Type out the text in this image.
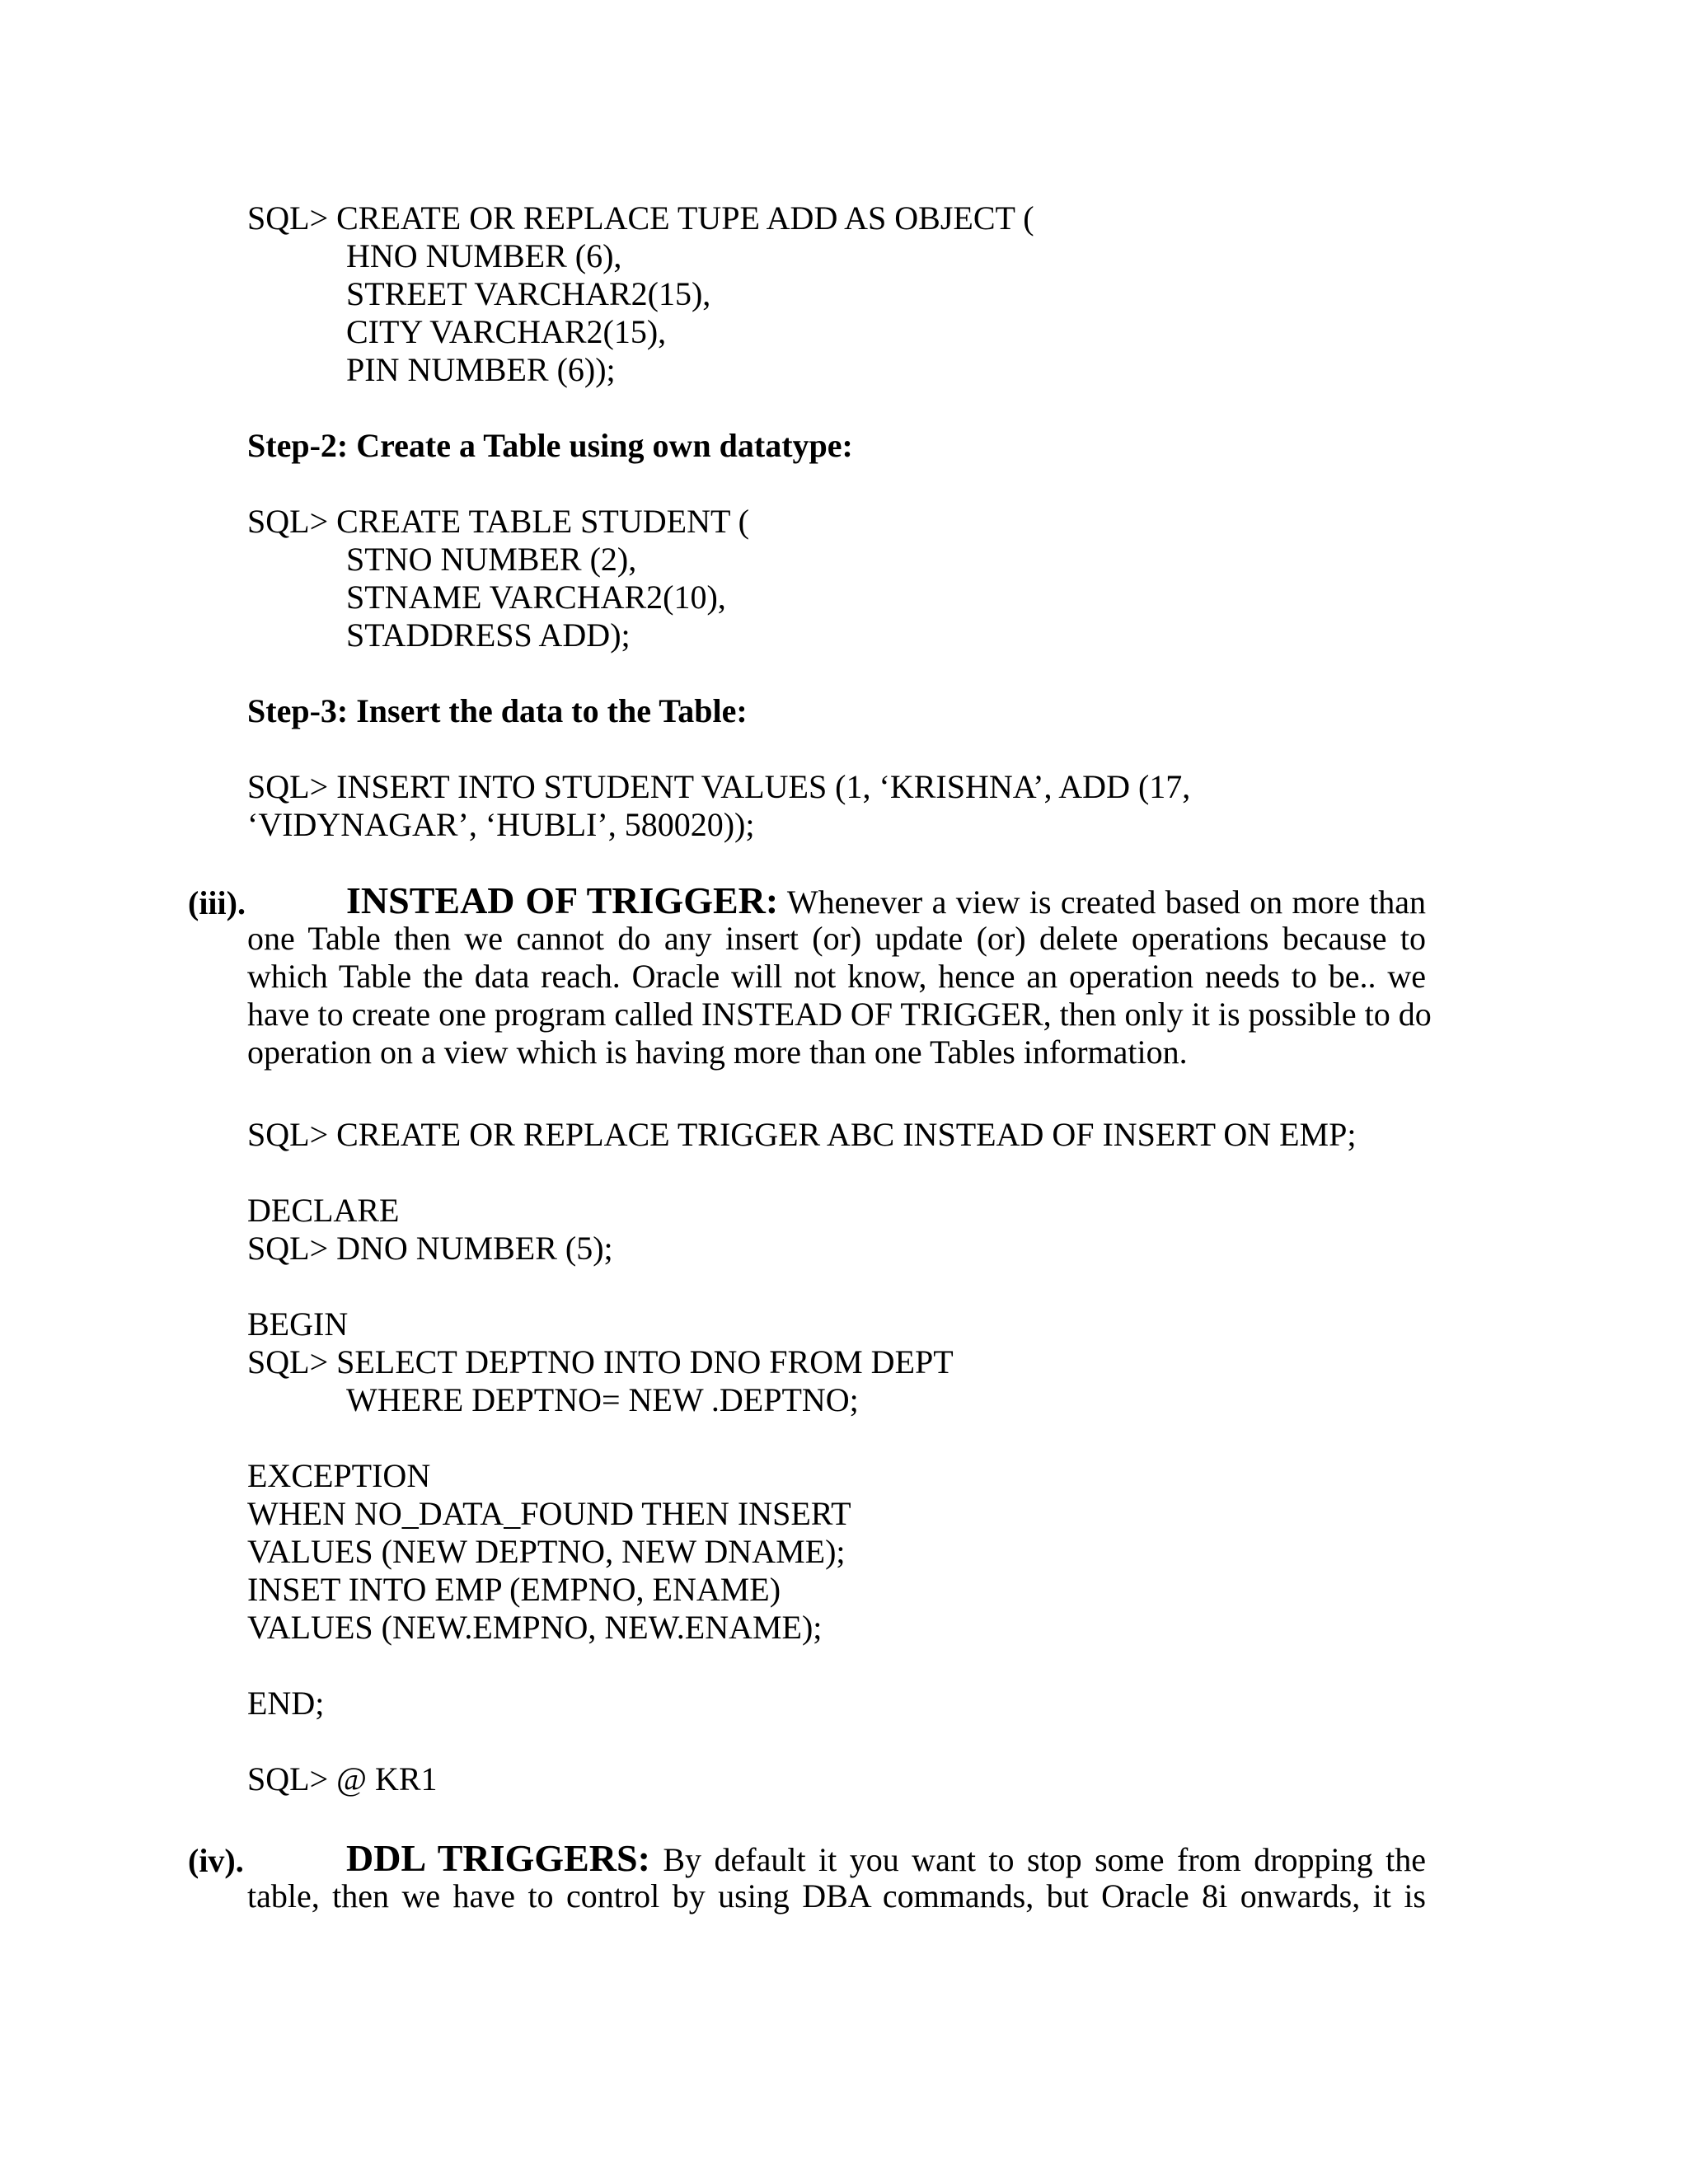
SQL> CREATE OR REPLACE TUPE ADD AS OBJECT (
HNO NUMBER (6),
STREET VARCHAR2(15),
CITY VARCHAR2(15),
PIN NUMBER (6));
Step-2: Create a Table using own datatype:
SQL> CREATE TABLE STUDENT (
STNO NUMBER (2),
STNAME VARCHAR2(10),
STADDRESS ADD);
Step-3: Insert the data to the Table:
SQL> INSERT INTO STUDENT VALUES (1, ‘KRISHNA’, ADD (17,
‘VIDYNAGAR’, ‘HUBLI’, 580020));
(iii).	INSTEAD OF TRIGGER: Whenever a view is created based on more than
one Table then we cannot do any insert (or) update (or) delete operations because to
which Table the data reach. Oracle will not know, hence an operation needs to be.. we
have to create one program called INSTEAD OF TRIGGER, then only it is possible to do
operation on a view which is having more than one Tables information.
SQL> CREATE OR REPLACE TRIGGER ABC INSTEAD OF INSERT ON EMP;
DECLARE
SQL> DNO NUMBER (5);
BEGIN
SQL> SELECT DEPTNO INTO DNO FROM DEPT
WHERE DEPTNO= NEW .DEPTNO;
EXCEPTION
WHEN NO_DATA_FOUND THEN INSERT
VALUES (NEW DEPTNO, NEW DNAME);
INSET INTO EMP (EMPNO, ENAME)
VALUES (NEW.EMPNO, NEW.ENAME);
END;
SQL> @ KR1
(iv).	DDL TRIGGERS: By default it you want to stop some from dropping the
table, then we have to control by using DBA commands, but Oracle 8i onwards, it is
